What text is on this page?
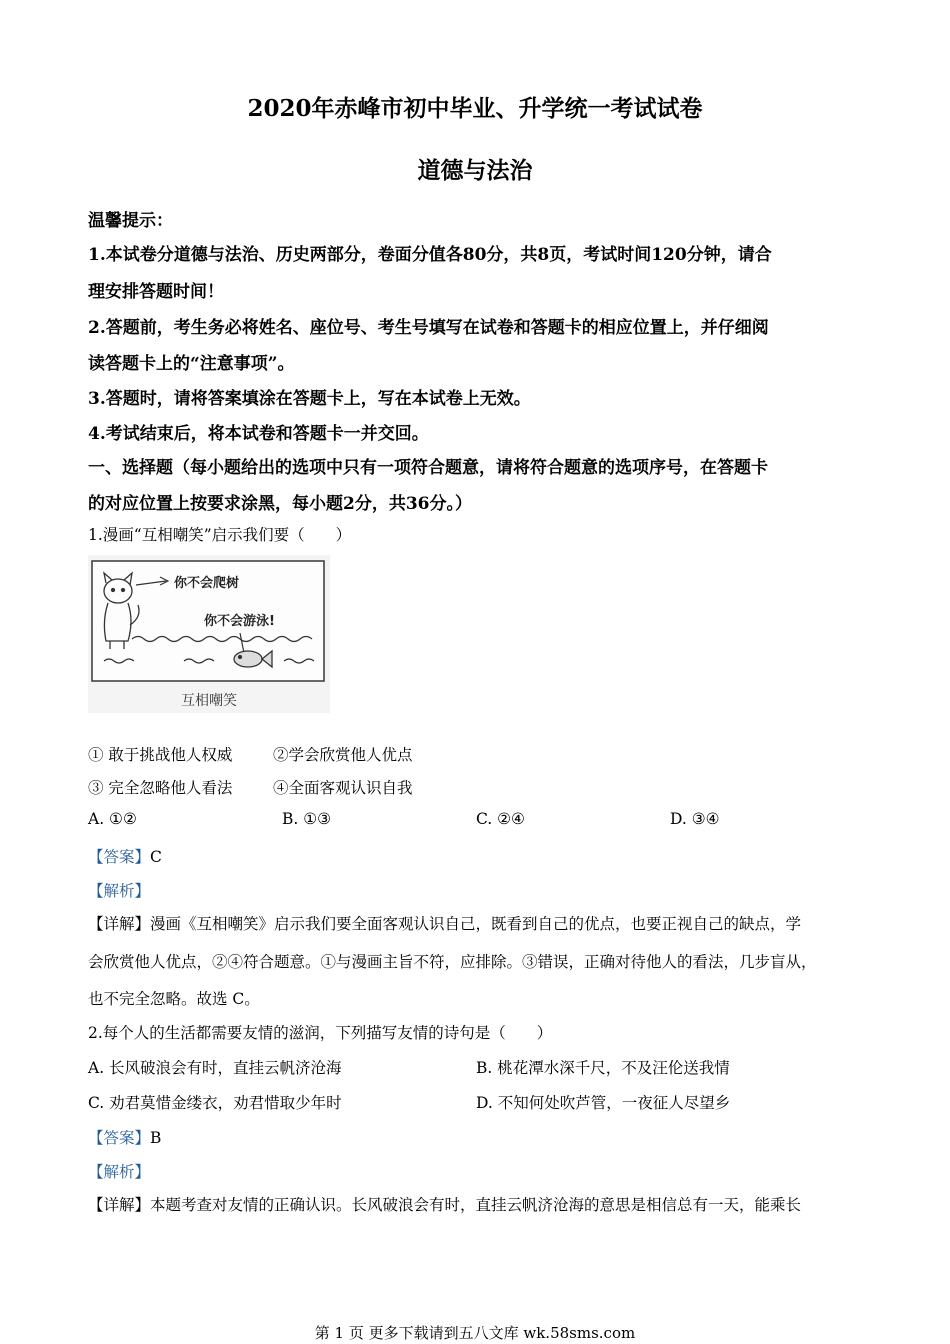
2020年赤峰市初中毕业、升学统一考试试卷
道德与法治
温馨提示：
1.本试卷分道德与法治、历史两部分，卷面分值各80分，共8页，考试时间120分钟，请合
理安排答题时间！
2.答题前，考生务必将姓名、座位号、考生号填写在试卷和答题卡的相应位置上，并仔细阅
读答题卡上的“注意事项”。
3.答题时，请将答案填涂在答题卡上，写在本试卷上无效。
4.考试结束后，将本试卷和答题卡一并交回。
一、选择题（每小题给出的选项中只有一项符合题意，请将符合题意的选项序号，在答题卡
的对应位置上按要求涂黑，每小题2分，共36分。）
1.漫画“互相嘲笑”启示我们要（　　）
你不会爬树
你不会游泳!
互相嘲笑
① 敢于挑战他人权威	②学会欣赏他人优点
③ 完全忽略他人看法	④全面客观认识自我
A. ①②	B. ①③	C. ②④	D. ③④
【答案】C
【解析】
【详解】漫画《互相嘲笑》启示我们要全面客观认识自己，既看到自己的优点，也要正视自己的缺点，学
会欣赏他人优点，②④符合题意。①与漫画主旨不符，应排除。③错误，正确对待他人的看法，几步盲从，
也不完全忽略。故选 C。
2.每个人的生活都需要友情的滋润，下列描写友情的诗句是（　　）
A. 长风破浪会有时，直挂云帆济沧海	B. 桃花潭水深千尺，不及汪伦送我情
C. 劝君莫惜金缕衣，劝君惜取少年时	D. 不知何处吹芦管，一夜征人尽望乡
【答案】B
【解析】
【详解】本题考查对友情的正确认识。长风破浪会有时，直挂云帆济沧海的意思是相信总有一天，能乘长
第 1 页 更多下载请到五八文库 wk.58sms.com
